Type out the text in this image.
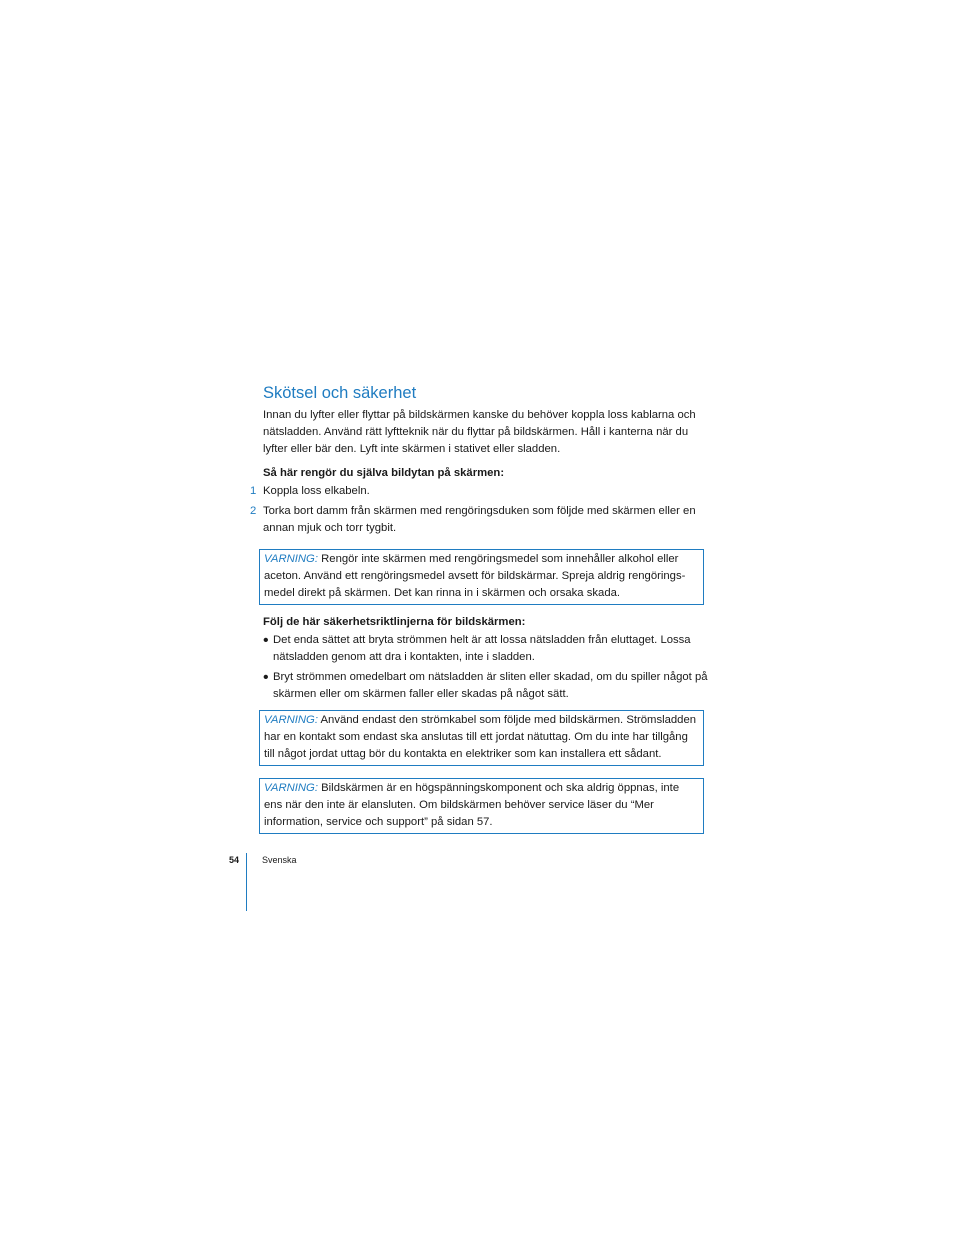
Skötsel och säkerhet

Innan du lyfter eller flyttar på bildskärmen kanske du behöver koppla loss kablarna och nätsladden. Använd rätt lyftteknik när du flyttar på bildskärmen. Håll i kanterna när du lyfter eller bär den. Lyft inte skärmen i stativet eller sladden.

Så här rengör du själva bildytan på skärmen:

1 Koppla loss elkabeln.

2 Torka bort damm från skärmen med rengöringsduken som följde med skärmen eller en annan mjuk och torr tygbit.

VARNING: Rengör inte skärmen med rengöringsmedel som innehåller alkohol eller aceton. Använd ett rengöringsmedel avsett för bildskärmar. Spreja aldrig rengörings-medel direkt på skärmen. Det kan rinna in i skärmen och orsaka skada.

Följ de här säkerhetsriktlinjerna för bildskärmen:

• Det enda sättet att bryta strömmen helt är att lossa nätsladden från eluttaget. Lossa nätsladden genom att dra i kontakten, inte i sladden.

• Bryt strömmen omedelbart om nätsladden är sliten eller skadad, om du spiller något på skärmen eller om skärmen faller eller skadas på något sätt.

VARNING: Använd endast den strömkabel som följde med bildskärmen. Strömsladden har en kontakt som endast ska anslutas till ett jordat nätuttag. Om du inte har tillgång till något jordat uttag bör du kontakta en elektriker som kan installera ett sådant.
VARNING: Bildskärmen är en högspänningskomponent och ska aldrig öppnas, inte ens när den inte är elansluten. Om bildskärmen behöver service läser du “Mer information, service och support” på sidan 57.
54	Svenska
